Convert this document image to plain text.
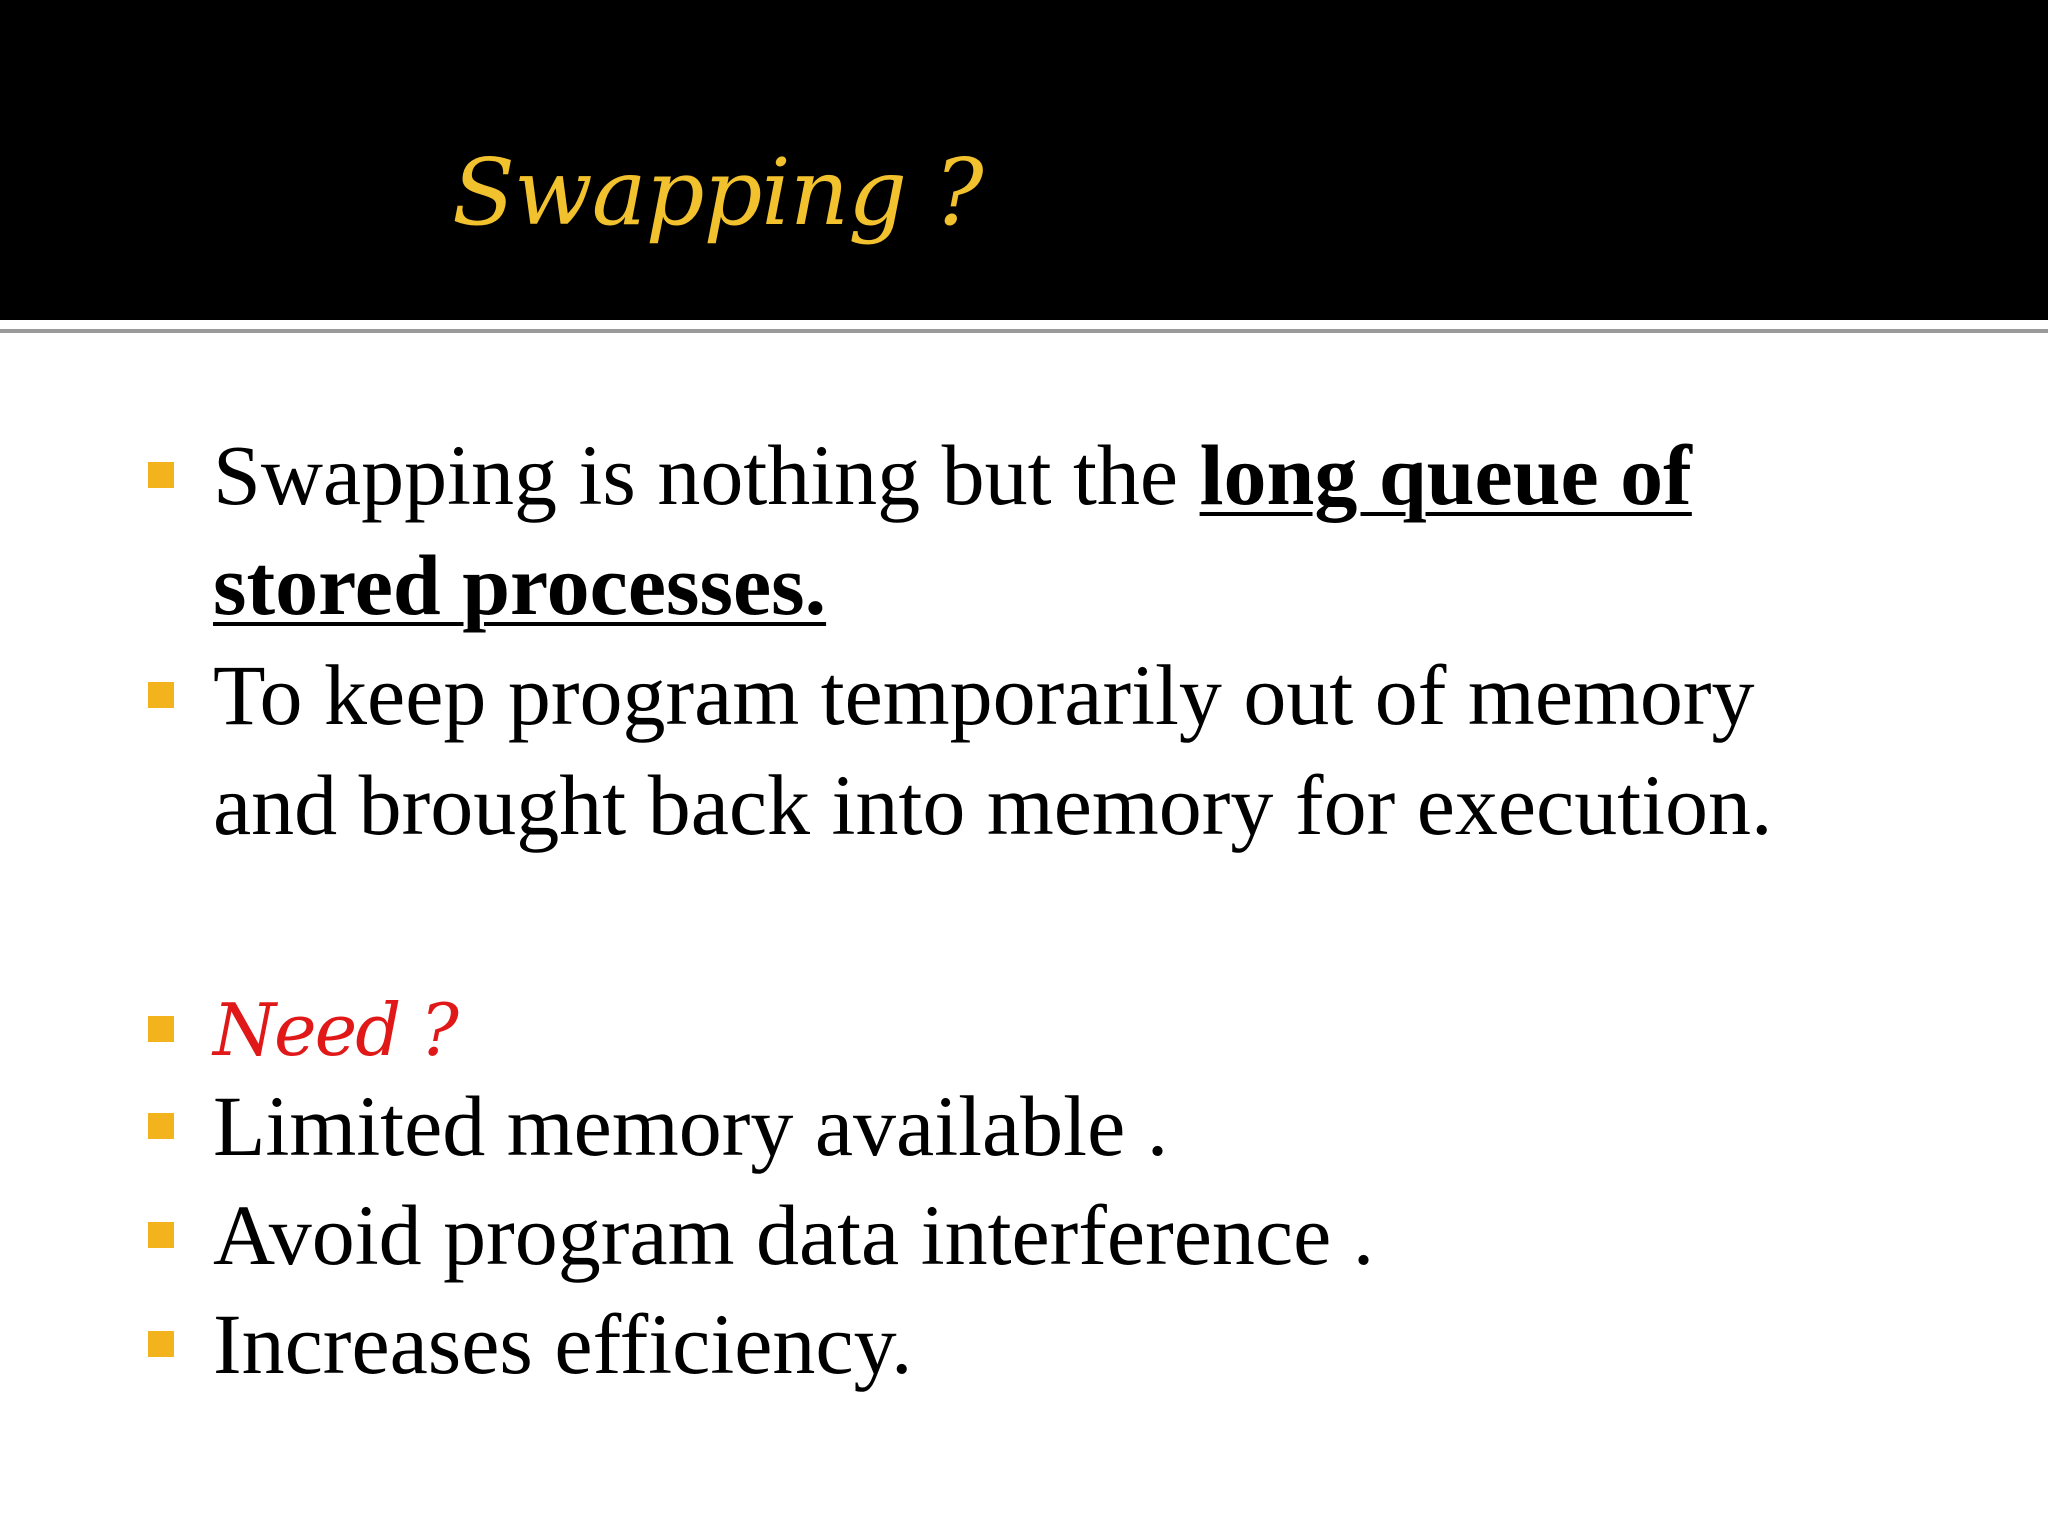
Swapping ?
Swapping is nothing but the long queue of
stored processes.
To keep program temporarily out of memory
and brought back into memory for execution.
Need ?
Limited memory available .
Avoid program data interference .
Increases efficiency.
